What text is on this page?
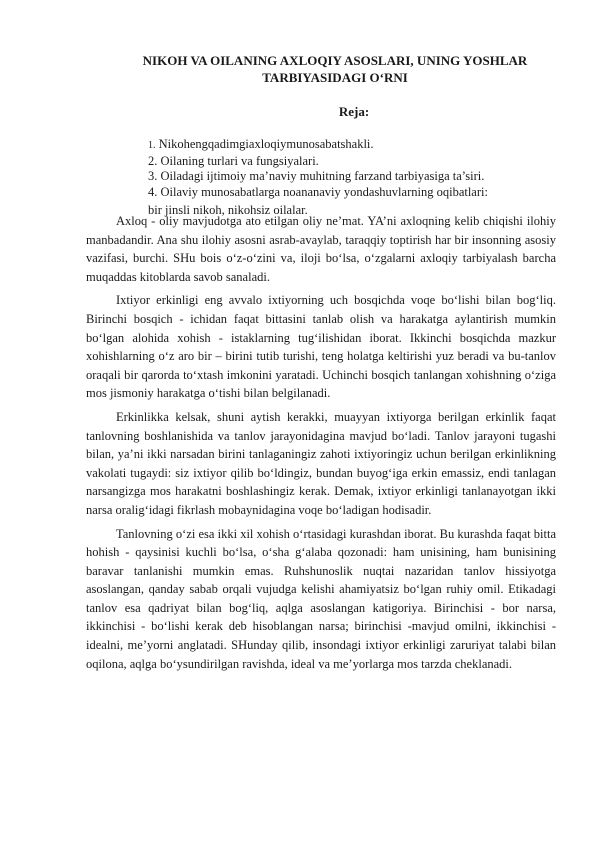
NIKOH VA OILANING AXLOQIY ASOSLARI, UNING YOSHLAR TARBIYASIDAGI O‘RNI
Reja:
1. Nikohengqadimgiaxloqiymunosabatshakli.
2. Oilaning turlari va fungsiyalari.
3. Oiladagi ijtimoiy ma’naviy muhitning farzand tarbiyasiga ta’siri.
4. Oilaviy munosabatlarga noananaviy yondashuvlarning oqibatlari:
bir jinsli nikoh, nikohsiz oilalar.

Axloq - oliy mavjudotga ato etilgan oliy ne’mat. YA’ni axloqning kelib chiqishi ilohiy manbadandir. Ana shu ilohiy asosni asrab-avaylab, taraqqiy toptirish har bir insonning asosiy vazifasi, burchi. SHu bois o‘z-o‘zini va, iloji bo‘lsa, o‘zgalarni axloqiy tarbiyalash barcha muqaddas kitoblarda savob sanaladi.

Ixtiyor erkinligi eng avvalo ixtiyorning uch bosqichda voqe bo‘lishi bilan bog‘liq. Birinchi bosqich - ichidan faqat bittasini tanlab olish va harakatga aylantirish mumkin bo‘lgan alohida xohish - istaklarning tug‘ilishidan iborat. Ikkinchi bosqichda mazkur xohishlarning o‘z aro bir – birini tutib turishi, teng holatga keltirishi yuz beradi va bu-tanlov oraqali bir qarorda to‘xtash imkonini yaratadi. Uchinchi bosqich tanlangan xohishning o‘ziga mos jismoniy harakatga o‘tishi bilan belgilanadi.

Erkinlikka kelsak, shuni aytish kerakki, muayyan ixtiyorga berilgan erkinlik faqat tanlovning boshlanishida va tanlov jarayonidagina mavjud bo‘ladi. Tanlov jarayoni tugashi bilan, ya’ni ikki narsadan birini tanlaganingiz zahoti ixtiyoringiz uchun berilgan erkinlikning vakolati tugaydi: siz ixtiyor qilib bo‘ldingiz, bundan buyog‘iga erkin emassiz, endi tanlagan narsangizga mos harakatni boshlashingiz kerak. Demak, ixtiyor erkinligi tanlanayotgan ikki narsa oralig‘idagi fikrlash mobaynidagina voqe bo‘ladigan hodisadir.

Tanlovning o‘zi esa ikki xil xohish o‘rtasidagi kurashdan iborat. Bu kurashda faqat bitta hohish - qaysinisi kuchli bo‘lsa, o‘sha g‘alaba qozonadi: ham unisining, ham bunisining baravar tanlanishi mumkin emas. Ruhshunoslik nuqtai nazaridan tanlov hissiyotga asoslangan, qanday sabab orqali vujudga kelishi ahamiyatsiz bo‘lgan ruhiy omil. Etikadagi tanlov esa qadriyat bilan bog‘liq, aqlga asoslangan katigoriya. Birinchisi - bor narsa, ikkinchisi - bo‘lishi kerak deb hisoblangan narsa; birinchisi -mavjud omilni, ikkinchisi - idealni, me’yorni anglatadi. SHunday qilib, insondagi ixtiyor erkinligi zaruriyat talabi bilan oqilona, aqlga bo‘ysundirilgan ravishda, ideal va me’yorlarga mos tarzda cheklanadi.
